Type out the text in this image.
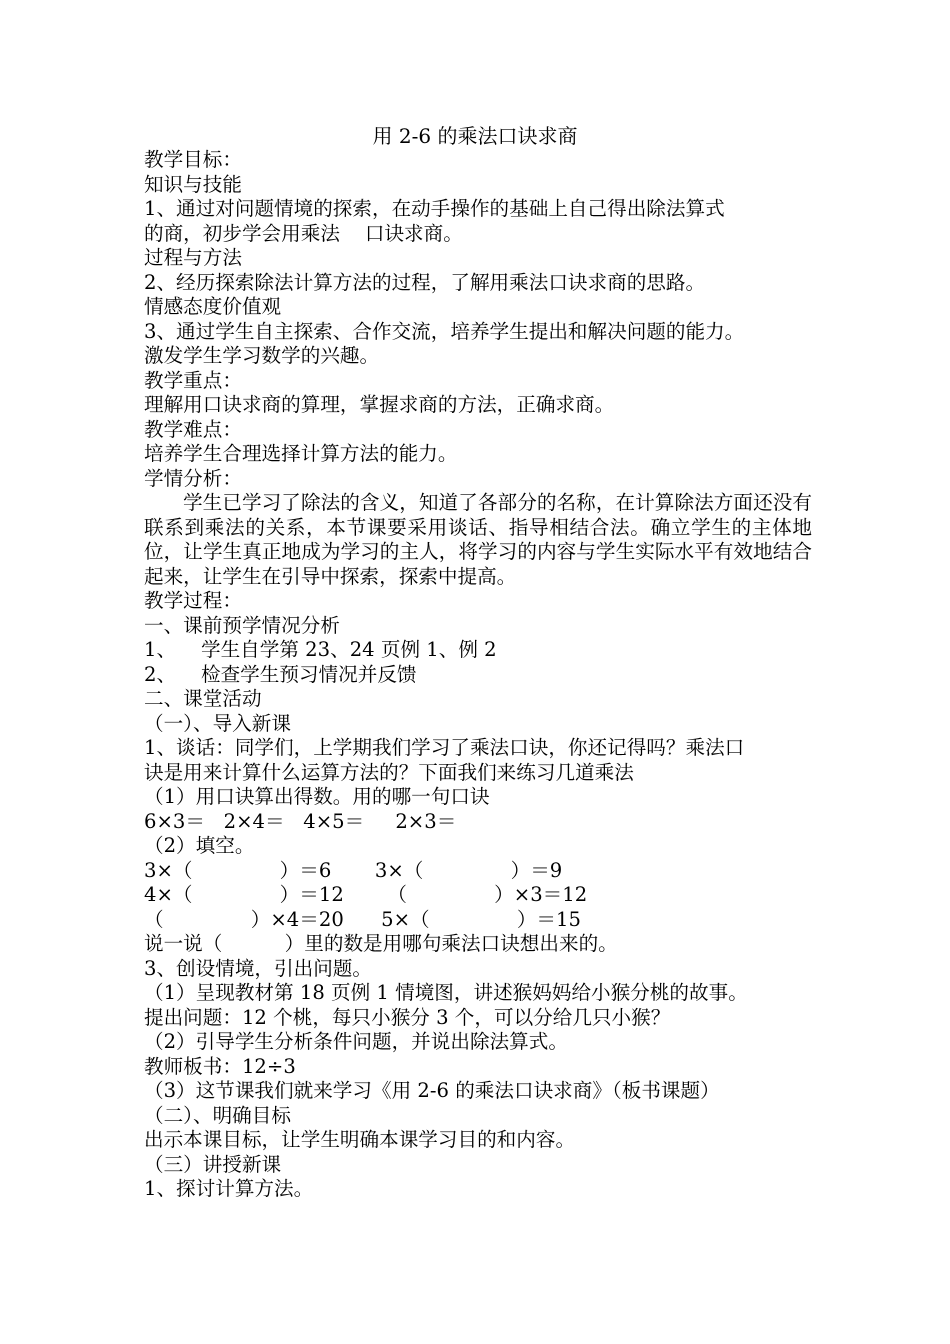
用 2-6 的乘法口诀求商
教学目标：
知识与技能
1、通过对问题情境的探索，在动手操作的基础上自己得出除法算式
的商，初步学会用乘法    口诀求商。
过程与方法
2、经历探索除法计算方法的过程，了解用乘法口诀求商的思路。
情感态度价值观
3、通过学生自主探索、合作交流，培养学生提出和解决问题的能力。
激发学生学习数学的兴趣。
教学重点：
理解用口诀求商的算理，掌握求商的方法，正确求商。
教学难点：
培养学生合理选择计算方法的能力。
学情分析：
学生已学习了除法的含义，知道了各部分的名称，在计算除法方面还没有联系到乘法的关系，本节课要采用谈话、指导相结合法。确立学生的主体地位，让学生真正地成为学习的主人，将学习的内容与学生实际水平有效地结合起来，让学生在引导中探索，探索中提高。
教学过程：
一、课前预学情况分析
1、    学生自学第 23、24 页例 1、例 2
2、    检查学生预习情况并反馈
二、课堂活动
（一）、导入新课
1、谈话：同学们，上学期我们学习了乘法口诀，你还记得吗？乘法口
诀是用来计算什么运算方法的？下面我们来练习几道乘法
（1）用口诀算出得数。用的哪一句口诀
6×3＝   2×4＝   4×5＝     2×3＝
（2）填空。
3×（              ）＝6       3×（              ）＝9
4×（              ）＝12       （              ）×3＝12
（              ）×4＝20      5×（              ）＝15
说一说（          ）里的数是用哪句乘法口诀想出来的。
3、创设情境，引出问题。
（1）呈现教材第 18 页例 1 情境图，讲述猴妈妈给小猴分桃的故事。
提出问题：12 个桃，每只小猴分 3 个，可以分给几只小猴？
（2）引导学生分析条件问题，并说出除法算式。
教师板书：12÷3
（3）这节课我们就来学习《用 2-6 的乘法口诀求商》（板书课题）
（二）、明确目标
出示本课目标，让学生明确本课学习目的和内容。
（三）讲授新课
1、探讨计算方法。
